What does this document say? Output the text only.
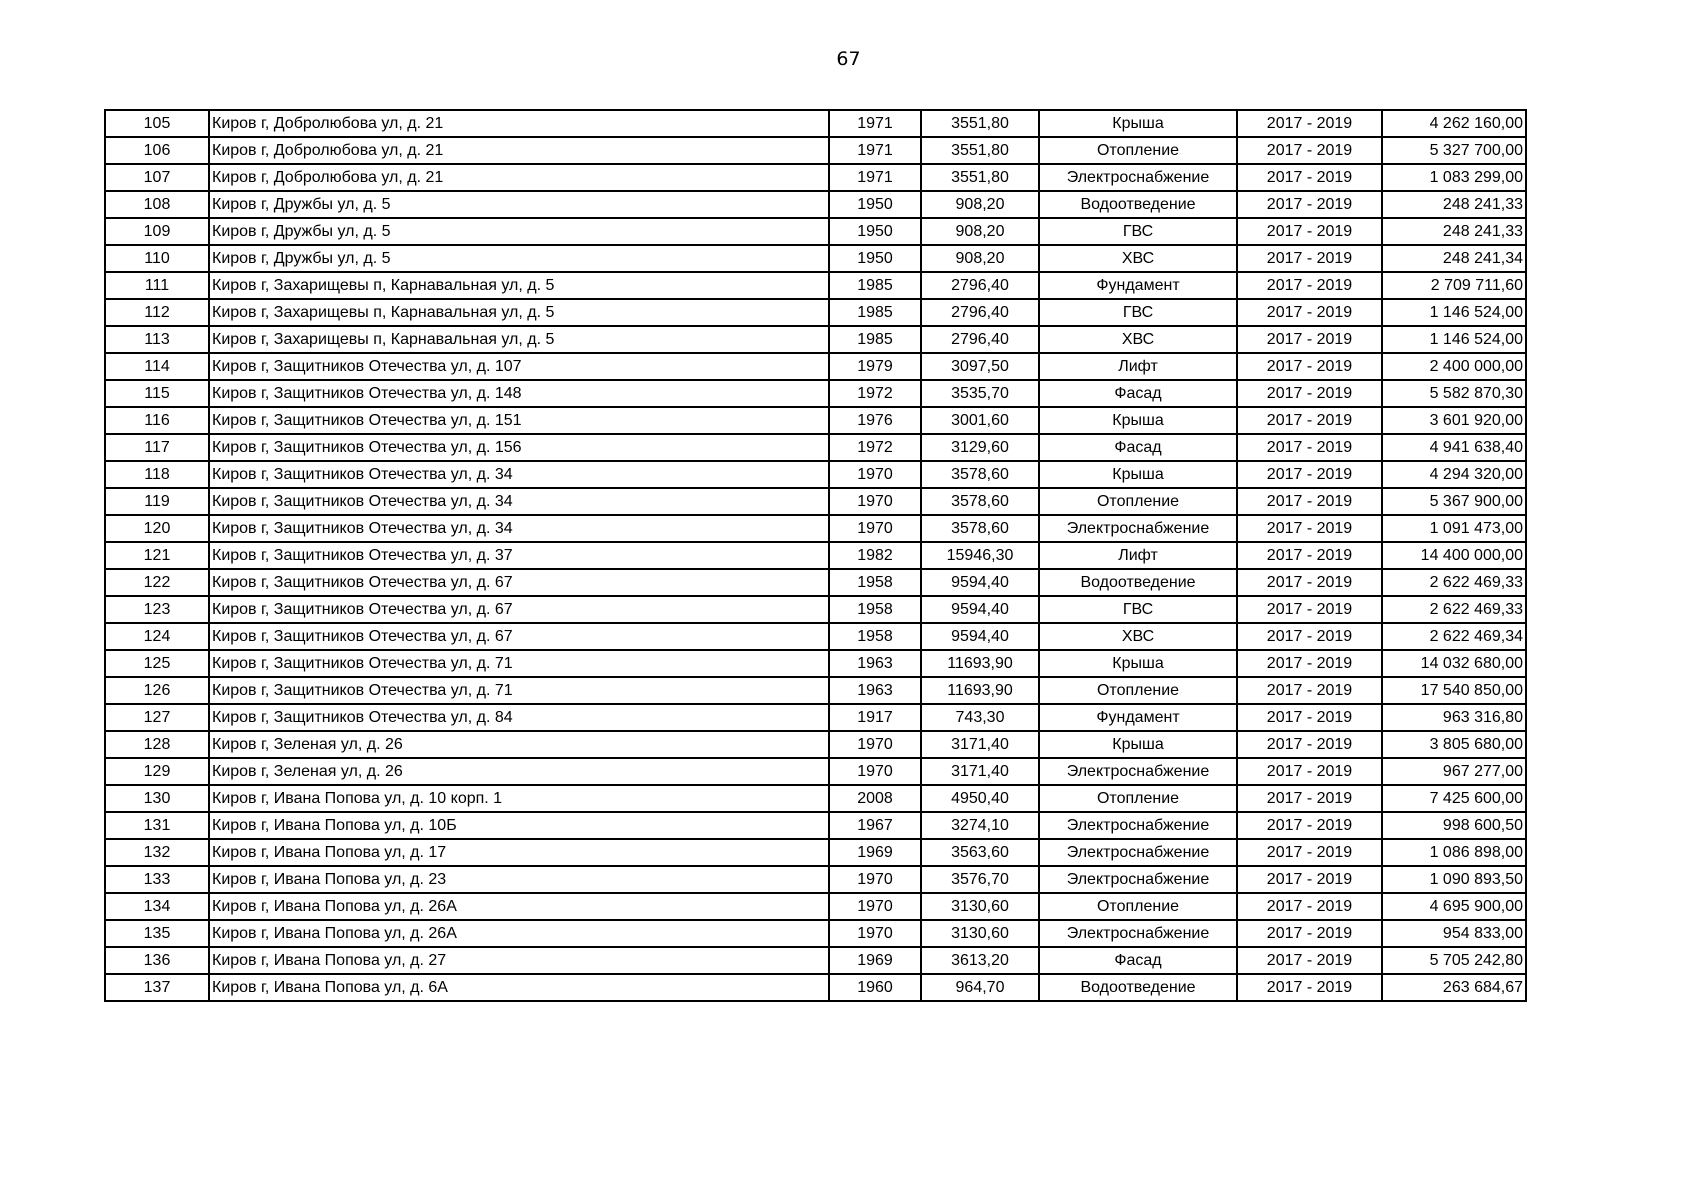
67
105	Киров г, Добролюбова ул, д. 21	1971	3551,80	Крыша	2017 - 2019	4 262 160,00
106	Киров г, Добролюбова ул, д. 21	1971	3551,80	Отопление	2017 - 2019	5 327 700,00
107	Киров г, Добролюбова ул, д. 21	1971	3551,80	Электроснабжение	2017 - 2019	1 083 299,00
108	Киров г, Дружбы ул, д. 5	1950	908,20	Водоотведение	2017 - 2019	248 241,33
109	Киров г, Дружбы ул, д. 5	1950	908,20	ГВС	2017 - 2019	248 241,33
110	Киров г, Дружбы ул, д. 5	1950	908,20	ХВС	2017 - 2019	248 241,34
111	Киров г, Захарищевы п, Карнавальная ул, д. 5	1985	2796,40	Фундамент	2017 - 2019	2 709 711,60
112	Киров г, Захарищевы п, Карнавальная ул, д. 5	1985	2796,40	ГВС	2017 - 2019	1 146 524,00
113	Киров г, Захарищевы п, Карнавальная ул, д. 5	1985	2796,40	ХВС	2017 - 2019	1 146 524,00
114	Киров г, Защитников Отечества ул, д. 107	1979	3097,50	Лифт	2017 - 2019	2 400 000,00
115	Киров г, Защитников Отечества ул, д. 148	1972	3535,70	Фасад	2017 - 2019	5 582 870,30
116	Киров г, Защитников Отечества ул, д. 151	1976	3001,60	Крыша	2017 - 2019	3 601 920,00
117	Киров г, Защитников Отечества ул, д. 156	1972	3129,60	Фасад	2017 - 2019	4 941 638,40
118	Киров г, Защитников Отечества ул, д. 34	1970	3578,60	Крыша	2017 - 2019	4 294 320,00
119	Киров г, Защитников Отечества ул, д. 34	1970	3578,60	Отопление	2017 - 2019	5 367 900,00
120	Киров г, Защитников Отечества ул, д. 34	1970	3578,60	Электроснабжение	2017 - 2019	1 091 473,00
121	Киров г, Защитников Отечества ул, д. 37	1982	15946,30	Лифт	2017 - 2019	14 400 000,00
122	Киров г, Защитников Отечества ул, д. 67	1958	9594,40	Водоотведение	2017 - 2019	2 622 469,33
123	Киров г, Защитников Отечества ул, д. 67	1958	9594,40	ГВС	2017 - 2019	2 622 469,33
124	Киров г, Защитников Отечества ул, д. 67	1958	9594,40	ХВС	2017 - 2019	2 622 469,34
125	Киров г, Защитников Отечества ул, д. 71	1963	11693,90	Крыша	2017 - 2019	14 032 680,00
126	Киров г, Защитников Отечества ул, д. 71	1963	11693,90	Отопление	2017 - 2019	17 540 850,00
127	Киров г, Защитников Отечества ул, д. 84	1917	743,30	Фундамент	2017 - 2019	963 316,80
128	Киров г, Зеленая ул, д. 26	1970	3171,40	Крыша	2017 - 2019	3 805 680,00
129	Киров г, Зеленая ул, д. 26	1970	3171,40	Электроснабжение	2017 - 2019	967 277,00
130	Киров г, Ивана Попова ул, д. 10 корп. 1	2008	4950,40	Отопление	2017 - 2019	7 425 600,00
131	Киров г, Ивана Попова ул, д. 10Б	1967	3274,10	Электроснабжение	2017 - 2019	998 600,50
132	Киров г, Ивана Попова ул, д. 17	1969	3563,60	Электроснабжение	2017 - 2019	1 086 898,00
133	Киров г, Ивана Попова ул, д. 23	1970	3576,70	Электроснабжение	2017 - 2019	1 090 893,50
134	Киров г, Ивана Попова ул, д. 26А	1970	3130,60	Отопление	2017 - 2019	4 695 900,00
135	Киров г, Ивана Попова ул, д. 26А	1970	3130,60	Электроснабжение	2017 - 2019	954 833,00
136	Киров г, Ивана Попова ул, д. 27	1969	3613,20	Фасад	2017 - 2019	5 705 242,80
137	Киров г, Ивана Попова ул, д. 6А	1960	964,70	Водоотведение	2017 - 2019	263 684,67
